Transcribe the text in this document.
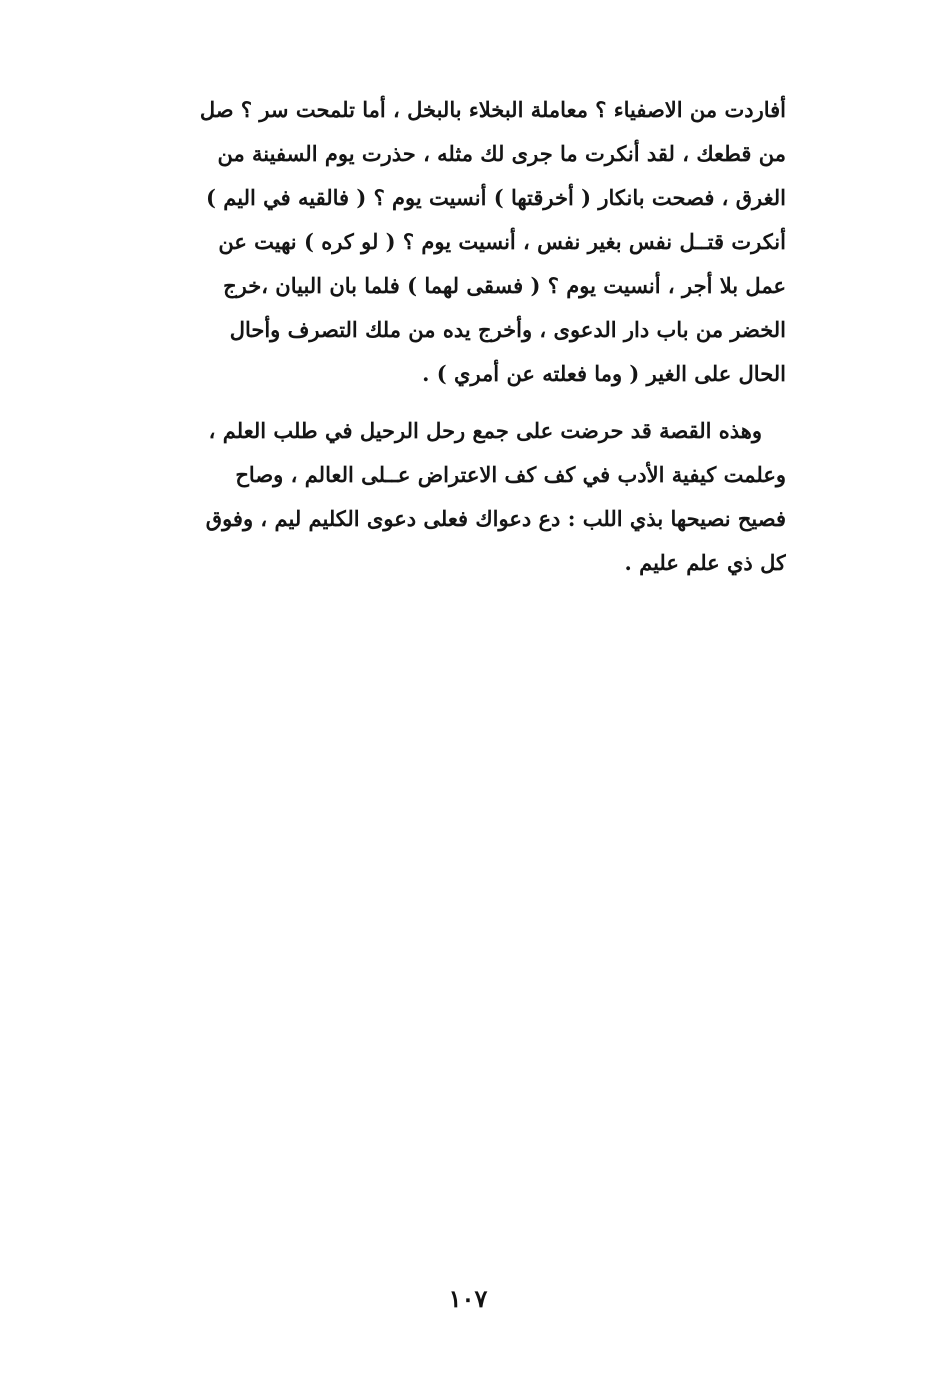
أفاردت من الاصفياء ؟ معاملة البخلاء بالبخل ، أما تلمحت سر ؟ صل
من قطعك ، لقد أنكرت ما جرى لك مثله ، حذرت يوم السفينة من
الغرق ، فصحت بانكار ( أخرقتها ) أنسيت يوم ؟ ( فالقيه في اليم )
أنكرت قتــل نفس بغير نفس ، أنسيت يوم ؟ ( لو كره ) نهيت عن
عمل بلا أجر ، أنسيت يوم ؟ ( فسقى لهما ) فلما بان البيان ،خرج
الخضر من باب دار الدعوى ، وأخرج يده من ملك التصرف وأحال
الحال على الغير ( وما فعلته عن أمري ) .
وهذه القصة قد حرضت على جمع رحل الرحيل في طلب العلم ،
وعلمت كيفية الأدب في كف كف الاعتراض عــلى العالم ، وصاح
فصيح نصيحها بذي اللب : دع دعواك فعلى دعوى الكليم ليم ، وفوق
كل ذي علم عليم .
١٠٧
